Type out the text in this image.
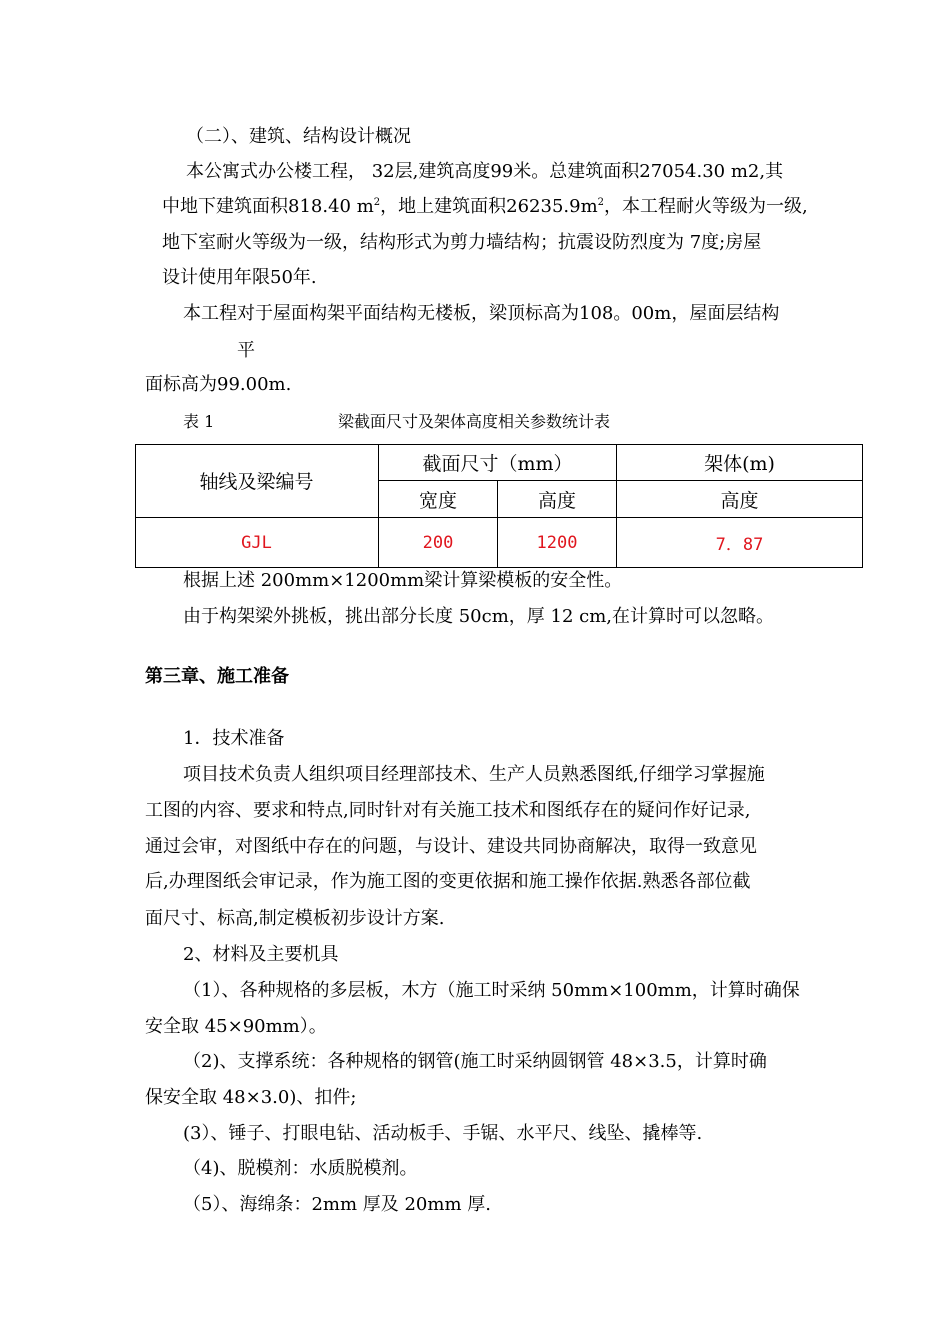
（二）、建筑、结构设计概况
本公寓式办公楼工程， 32层,建筑高度99米。总建筑面积27054.30 m2,其
中地下建筑面积818.40 $m^2$，地上建筑面积$26235.9m^2$，本工程耐火等级为一级,
地下室耐火等级为一级，结构形式为剪力墙结构；抗震设防烈度为 7度;房屋
设计使用年限50年.
本工程对于屋面构架平面结构无楼板，梁顶标高为108。00m，屋面层结构
平
面标高为99.00m.
表 1	梁截面尺寸及架体高度相关参数统计表
轴线及梁编号
截面尺寸（mm）	架体(m)
宽度	高度	高度
GJL	200	1200	7．87
根据上述 200mm×1200mm梁计算梁模板的安全性。
由于构架梁外挑板，挑出部分长度 50cm，厚 12 cm,在计算时可以忽略。
第三章、施工准备
1．技术准备
项目技术负责人组织项目经理部技术、生产人员熟悉图纸,仔细学习掌握施
工图的内容、要求和特点,同时针对有关施工技术和图纸存在的疑问作好记录,
通过会审，对图纸中存在的问题，与设计、建设共同协商解决，取得一致意见
后,办理图纸会审记录，作为施工图的变更依据和施工操作依据.熟悉各部位截
面尺寸、标高,制定模板初步设计方案.
2、材料及主要机具
（1）、各种规格的多层板，木方（施工时采纳 50mm×100mm，计算时确保
安全取 45×90mm）。
（2)、支撑系统：各种规格的钢管(施工时采纳圆钢管 48×3.5，计算时确
保安全取 48×3.0)、扣件;
(3）、锤子、打眼电钻、活动板手、手锯、水平尺、线坠、撬棒等.
（4)、脱模剂：水质脱模剂。
（5）、海绵条：2mm 厚及 20mm 厚.
